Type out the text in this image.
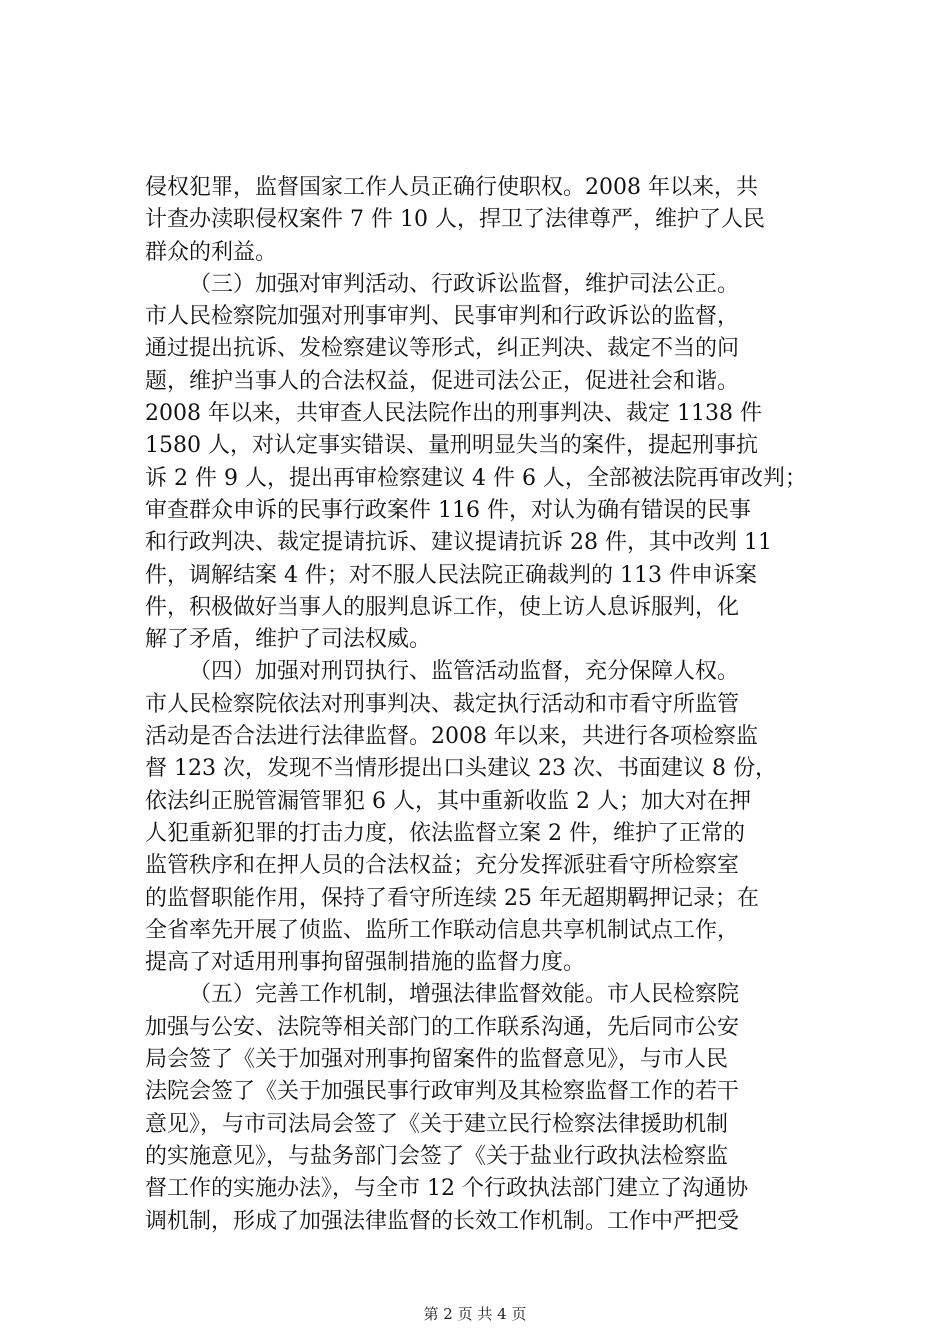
侵权犯罪，监督国家工作人员正确行使职权。2008 年以来，共
计查办渎职侵权案件 7 件 10 人，捍卫了法律尊严，维护了人民
群众的利益。
（三）加强对审判活动、行政诉讼监督，维护司法公正。
市人民检察院加强对刑事审判、民事审判和行政诉讼的监督，
通过提出抗诉、发检察建议等形式，纠正判决、裁定不当的问
题，维护当事人的合法权益，促进司法公正，促进社会和谐。
2008 年以来，共审查人民法院作出的刑事判决、裁定 1138 件
1580 人，对认定事实错误、量刑明显失当的案件，提起刑事抗
诉 2 件 9 人，提出再审检察建议 4 件 6 人，全部被法院再审改判；
审查群众申诉的民事行政案件 116 件，对认为确有错误的民事
和行政判决、裁定提请抗诉、建议提请抗诉 28 件，其中改判 11
件，调解结案 4 件；对不服人民法院正确裁判的 113 件申诉案
件，积极做好当事人的服判息诉工作，使上访人息诉服判，化
解了矛盾，维护了司法权威。
（四）加强对刑罚执行、监管活动监督，充分保障人权。
市人民检察院依法对刑事判决、裁定执行活动和市看守所监管
活动是否合法进行法律监督。2008 年以来，共进行各项检察监
督 123 次，发现不当情形提出口头建议 23 次、书面建议 8 份，
依法纠正脱管漏管罪犯 6 人，其中重新收监 2 人；加大对在押
人犯重新犯罪的打击力度，依法监督立案 2 件，维护了正常的
监管秩序和在押人员的合法权益；充分发挥派驻看守所检察室
的监督职能作用，保持了看守所连续 25 年无超期羁押记录；在
全省率先开展了侦监、监所工作联动信息共享机制试点工作，
提高了对适用刑事拘留强制措施的监督力度。
（五）完善工作机制，增强法律监督效能。市人民检察院
加强与公安、法院等相关部门的工作联系沟通，先后同市公安
局会签了《关于加强对刑事拘留案件的监督意见》，与市人民
法院会签了《关于加强民事行政审判及其检察监督工作的若干
意见》，与市司法局会签了《关于建立民行检察法律援助机制
的实施意见》，与盐务部门会签了《关于盐业行政执法检察监
督工作的实施办法》，与全市 12 个行政执法部门建立了沟通协
调机制，形成了加强法律监督的长效工作机制。工作中严把受
第 2 页 共 4 页
